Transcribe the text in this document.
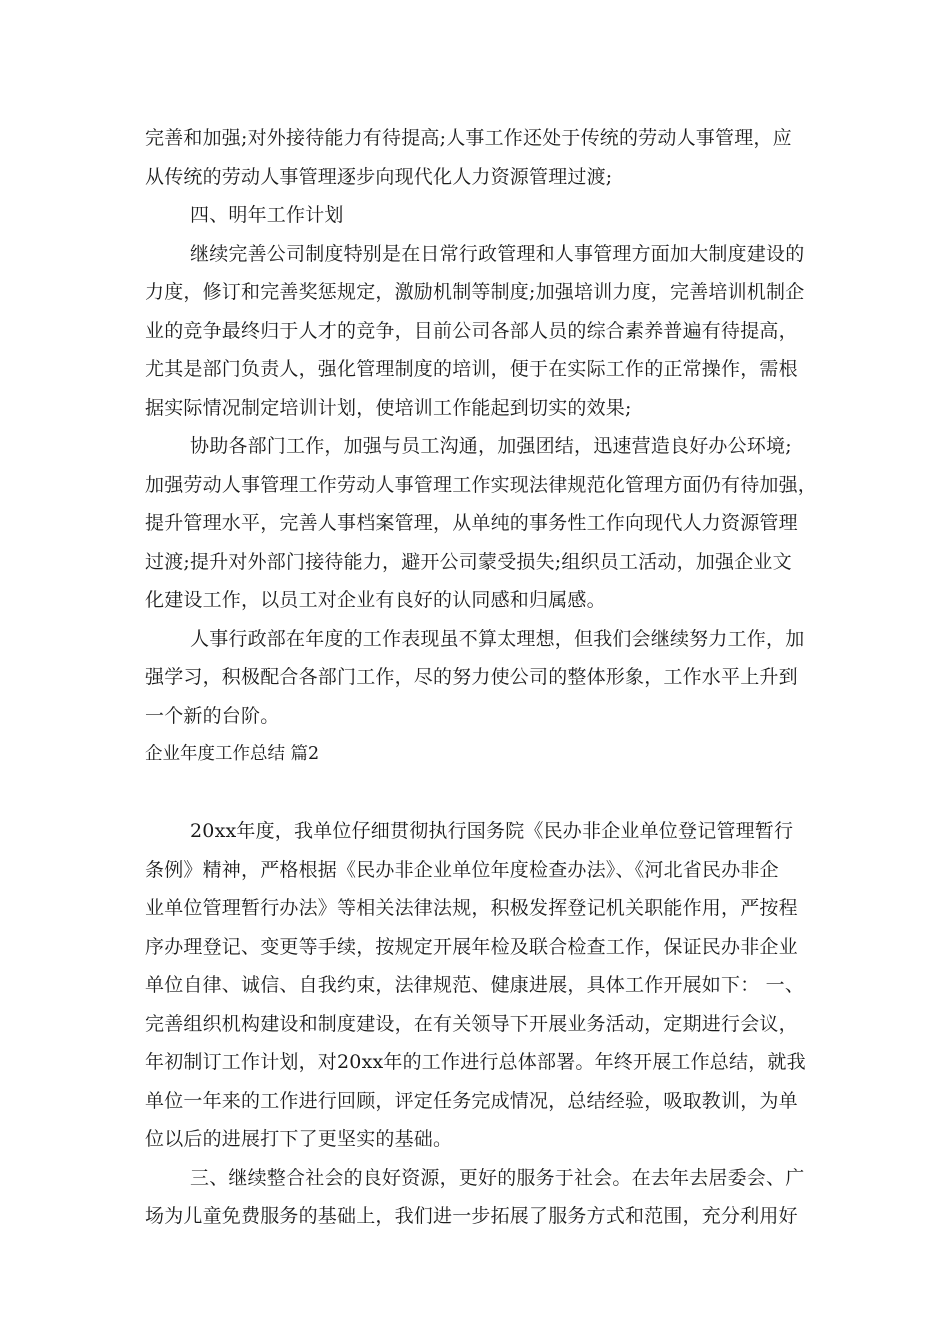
完善和加强;对外接待能力有待提高;人事工作还处于传统的劳动人事管理，应
从传统的劳动人事管理逐步向现代化人力资源管理过渡;
四、明年工作计划
继续完善公司制度特别是在日常行政管理和人事管理方面加大制度建设的
力度，修订和完善奖惩规定，激励机制等制度;加强培训力度，完善培训机制企
业的竞争最终归于人才的竞争，目前公司各部人员的综合素养普遍有待提高，
尤其是部门负责人，强化管理制度的培训，便于在实际工作的正常操作，需根
据实际情况制定培训计划，使培训工作能起到切实的效果;
协助各部门工作，加强与员工沟通，加强团结，迅速营造良好办公环境;
加强劳动人事管理工作劳动人事管理工作实现法律规范化管理方面仍有待加强，
提升管理水平，完善人事档案管理，从单纯的事务性工作向现代人力资源管理
过渡;提升对外部门接待能力，避开公司蒙受损失;组织员工活动，加强企业文
化建设工作，以员工对企业有良好的认同感和归属感。
人事行政部在年度的工作表现虽不算太理想，但我们会继续努力工作，加
强学习，积极配合各部门工作，尽的努力使公司的整体形象，工作水平上升到
一个新的台阶。
企业年度工作总结 篇2
20xx年度，我单位仔细贯彻执行国务院《民办非企业单位登记管理暂行
条例》精神，严格根据《民办非企业单位年度检查办法》、《河北省民办非企
业单位管理暂行办法》等相关法律法规，积极发挥登记机关职能作用，严按程
序办理登记、变更等手续，按规定开展年检及联合检查工作，保证民办非企业
单位自律、诚信、自我约束，法律规范、健康进展，具体工作开展如下： 一、
完善组织机构建设和制度建设，在有关领导下开展业务活动，定期进行会议，
年初制订工作计划，对20xx年的工作进行总体部署。年终开展工作总结，就我
单位一年来的工作进行回顾，评定任务完成情况，总结经验，吸取教训，为单
位以后的进展打下了更坚实的基础。
三、继续整合社会的良好资源，更好的服务于社会。在去年去居委会、广
场为儿童免费服务的基础上，我们进一步拓展了服务方式和范围，充分利用好
